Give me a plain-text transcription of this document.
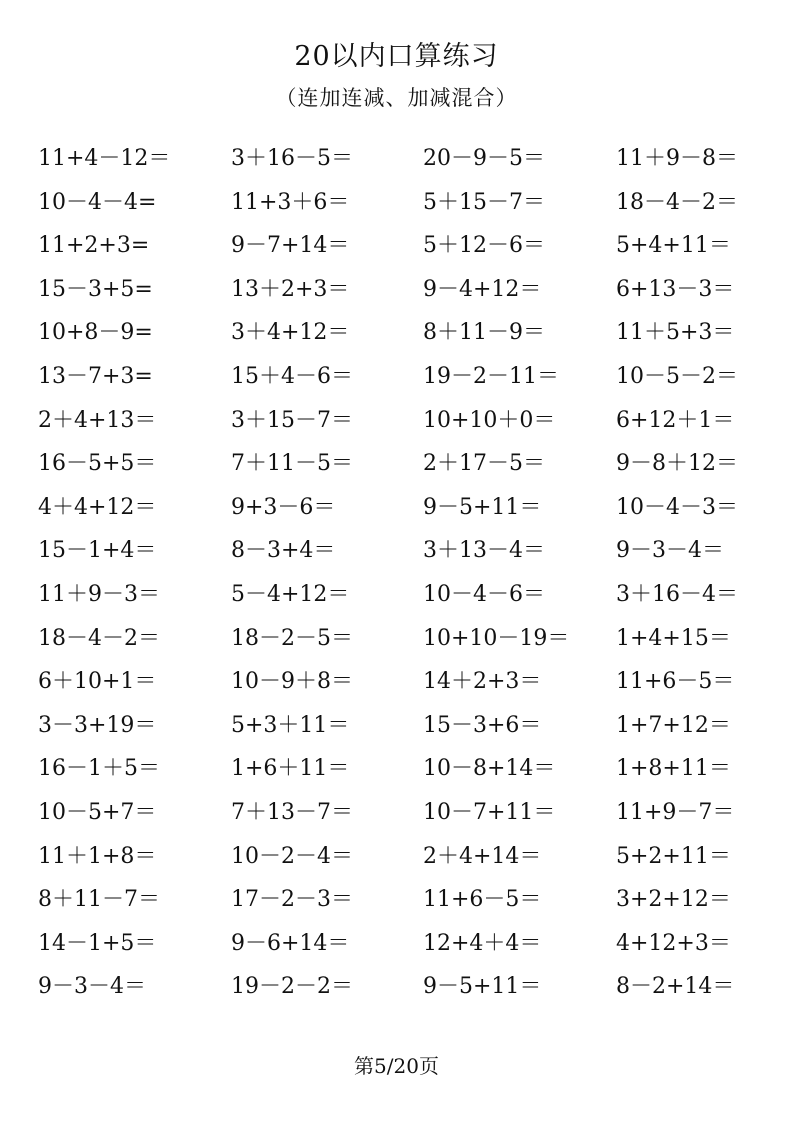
20以内口算练习
（连加连减、加减混合）
11+4－12＝	3＋16－5＝	20－9－5＝	11＋9－8＝
10－4－4=	11+3＋6＝	5＋15－7＝	18－4－2＝
11+2+3=	9－7+14＝	5＋12－6＝	5+4+11＝
15－3+5=	13＋2+3＝	9－4+12＝	6+13－3＝
10+8－9=	3＋4+12＝	8＋11－9＝	11＋5+3＝
13－7+3=	15＋4－6＝	19－2－11＝	10－5－2＝
2＋4+13＝	3＋15－7＝	10+10＋0＝	6+12＋1＝
16－5+5＝	7＋11－5＝	2＋17－5＝	9－8＋12＝
4＋4+12＝	9+3－6＝	9－5+11＝	10－4－3＝
15－1+4＝	8－3+4＝	3＋13－4＝	9－3－4＝
11＋9－3＝	5－4+12＝	10－4－6＝	3＋16－4＝
18－4－2＝	18－2－5＝	10+10－19＝	1+4+15＝
6＋10+1＝	10－9＋8＝	14＋2+3＝	11+6－5＝
3－3+19＝	5+3＋11＝	15－3+6＝	1+7+12＝
16－1＋5＝	1+6＋11＝	10－8+14＝	1+8+11＝
10－5+7＝	7＋13－7＝	10－7+11＝	11+9－7＝
11＋1+8＝	10－2－4＝	2＋4+14＝	5+2+11＝
8＋11－7＝	17－2－3＝	11+6－5＝	3+2+12＝
14－1+5＝	9－6+14＝	12+4＋4＝	4+12+3＝
9－3－4＝	19－2－2＝	9－5+11＝	8－2+14＝
第5/20页
